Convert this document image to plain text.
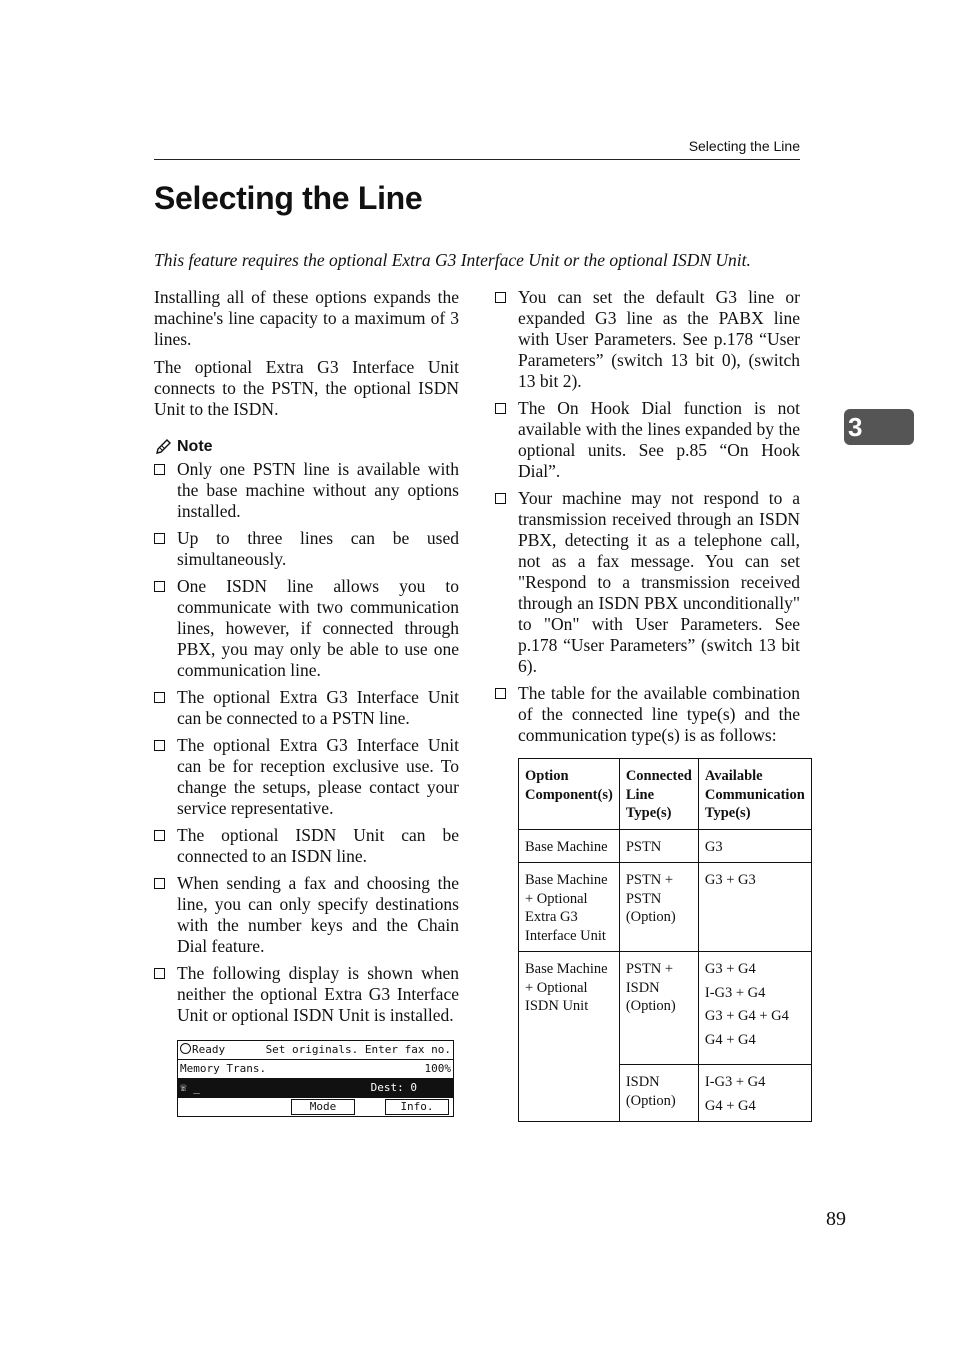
Selecting the Line
Selecting the Line

This feature requires the optional Extra G3 Interface Unit or the optional ISDN Unit.

Installing all of these options expands the machine's line capacity to a maximum of 3 lines.

The optional Extra G3 Interface Unit connects to the PSTN, the optional ISDN Unit to the ISDN.

Note
Only one PSTN line is available with the base machine without any options installed.
Up to three lines can be used simultaneously.
One ISDN line allows you to communicate with two communication lines, however, if connected through PBX, you may only be able to use one communication line.
The optional Extra G3 Interface Unit can be connected to a PSTN line.
The optional Extra G3 Interface Unit can be for reception exclusive use. To change the setups, please contact your service representative.
The optional ISDN Unit can be connected to an ISDN line.
When sending a fax and choosing the line, you can only specify destinations with the number keys and the Chain Dial feature.
The following display is shown when neither the optional Extra G3 Interface Unit or optional ISDN Unit is installed.
Ready	Set originals. Enter fax no.
Memory Trans.	100%
☏ _	Dest: 0
Mode	Info.
You can set the default G3 line or expanded G3 line as the PABX line with User Parameters. See p.178 “User Parameters” (switch 13 bit 0), (switch 13 bit 2).
The On Hook Dial function is not available with the lines expanded by the optional units. See p.85 “On Hook Dial”.
Your machine may not respond to a transmission received through an ISDN PBX, detecting it as a telephone call, not as a fax message. You can set "Respond to a transmission received through an ISDN PBX unconditionally" to "On" with User Parameters. See p.178 “User Parameters” (switch 13 bit 6).
The table for the available combination of the connected line type(s) and the communication type(s) is as follows:
Option Component(s)	Connected Line Type(s)	Available Communication Type(s)
Base Machine	PSTN	G3
Base Machine + Optional Extra G3 Interface Unit	PSTN + PSTN (Option)	G3 + G3
Base Machine + Optional ISDN Unit	PSTN + ISDN (Option)	G3 + G4
I-G3 + G4
G3 + G4 + G4
G4 + G4

	ISDN (Option)	I-G3 + G4
G4 + G4
3
89
